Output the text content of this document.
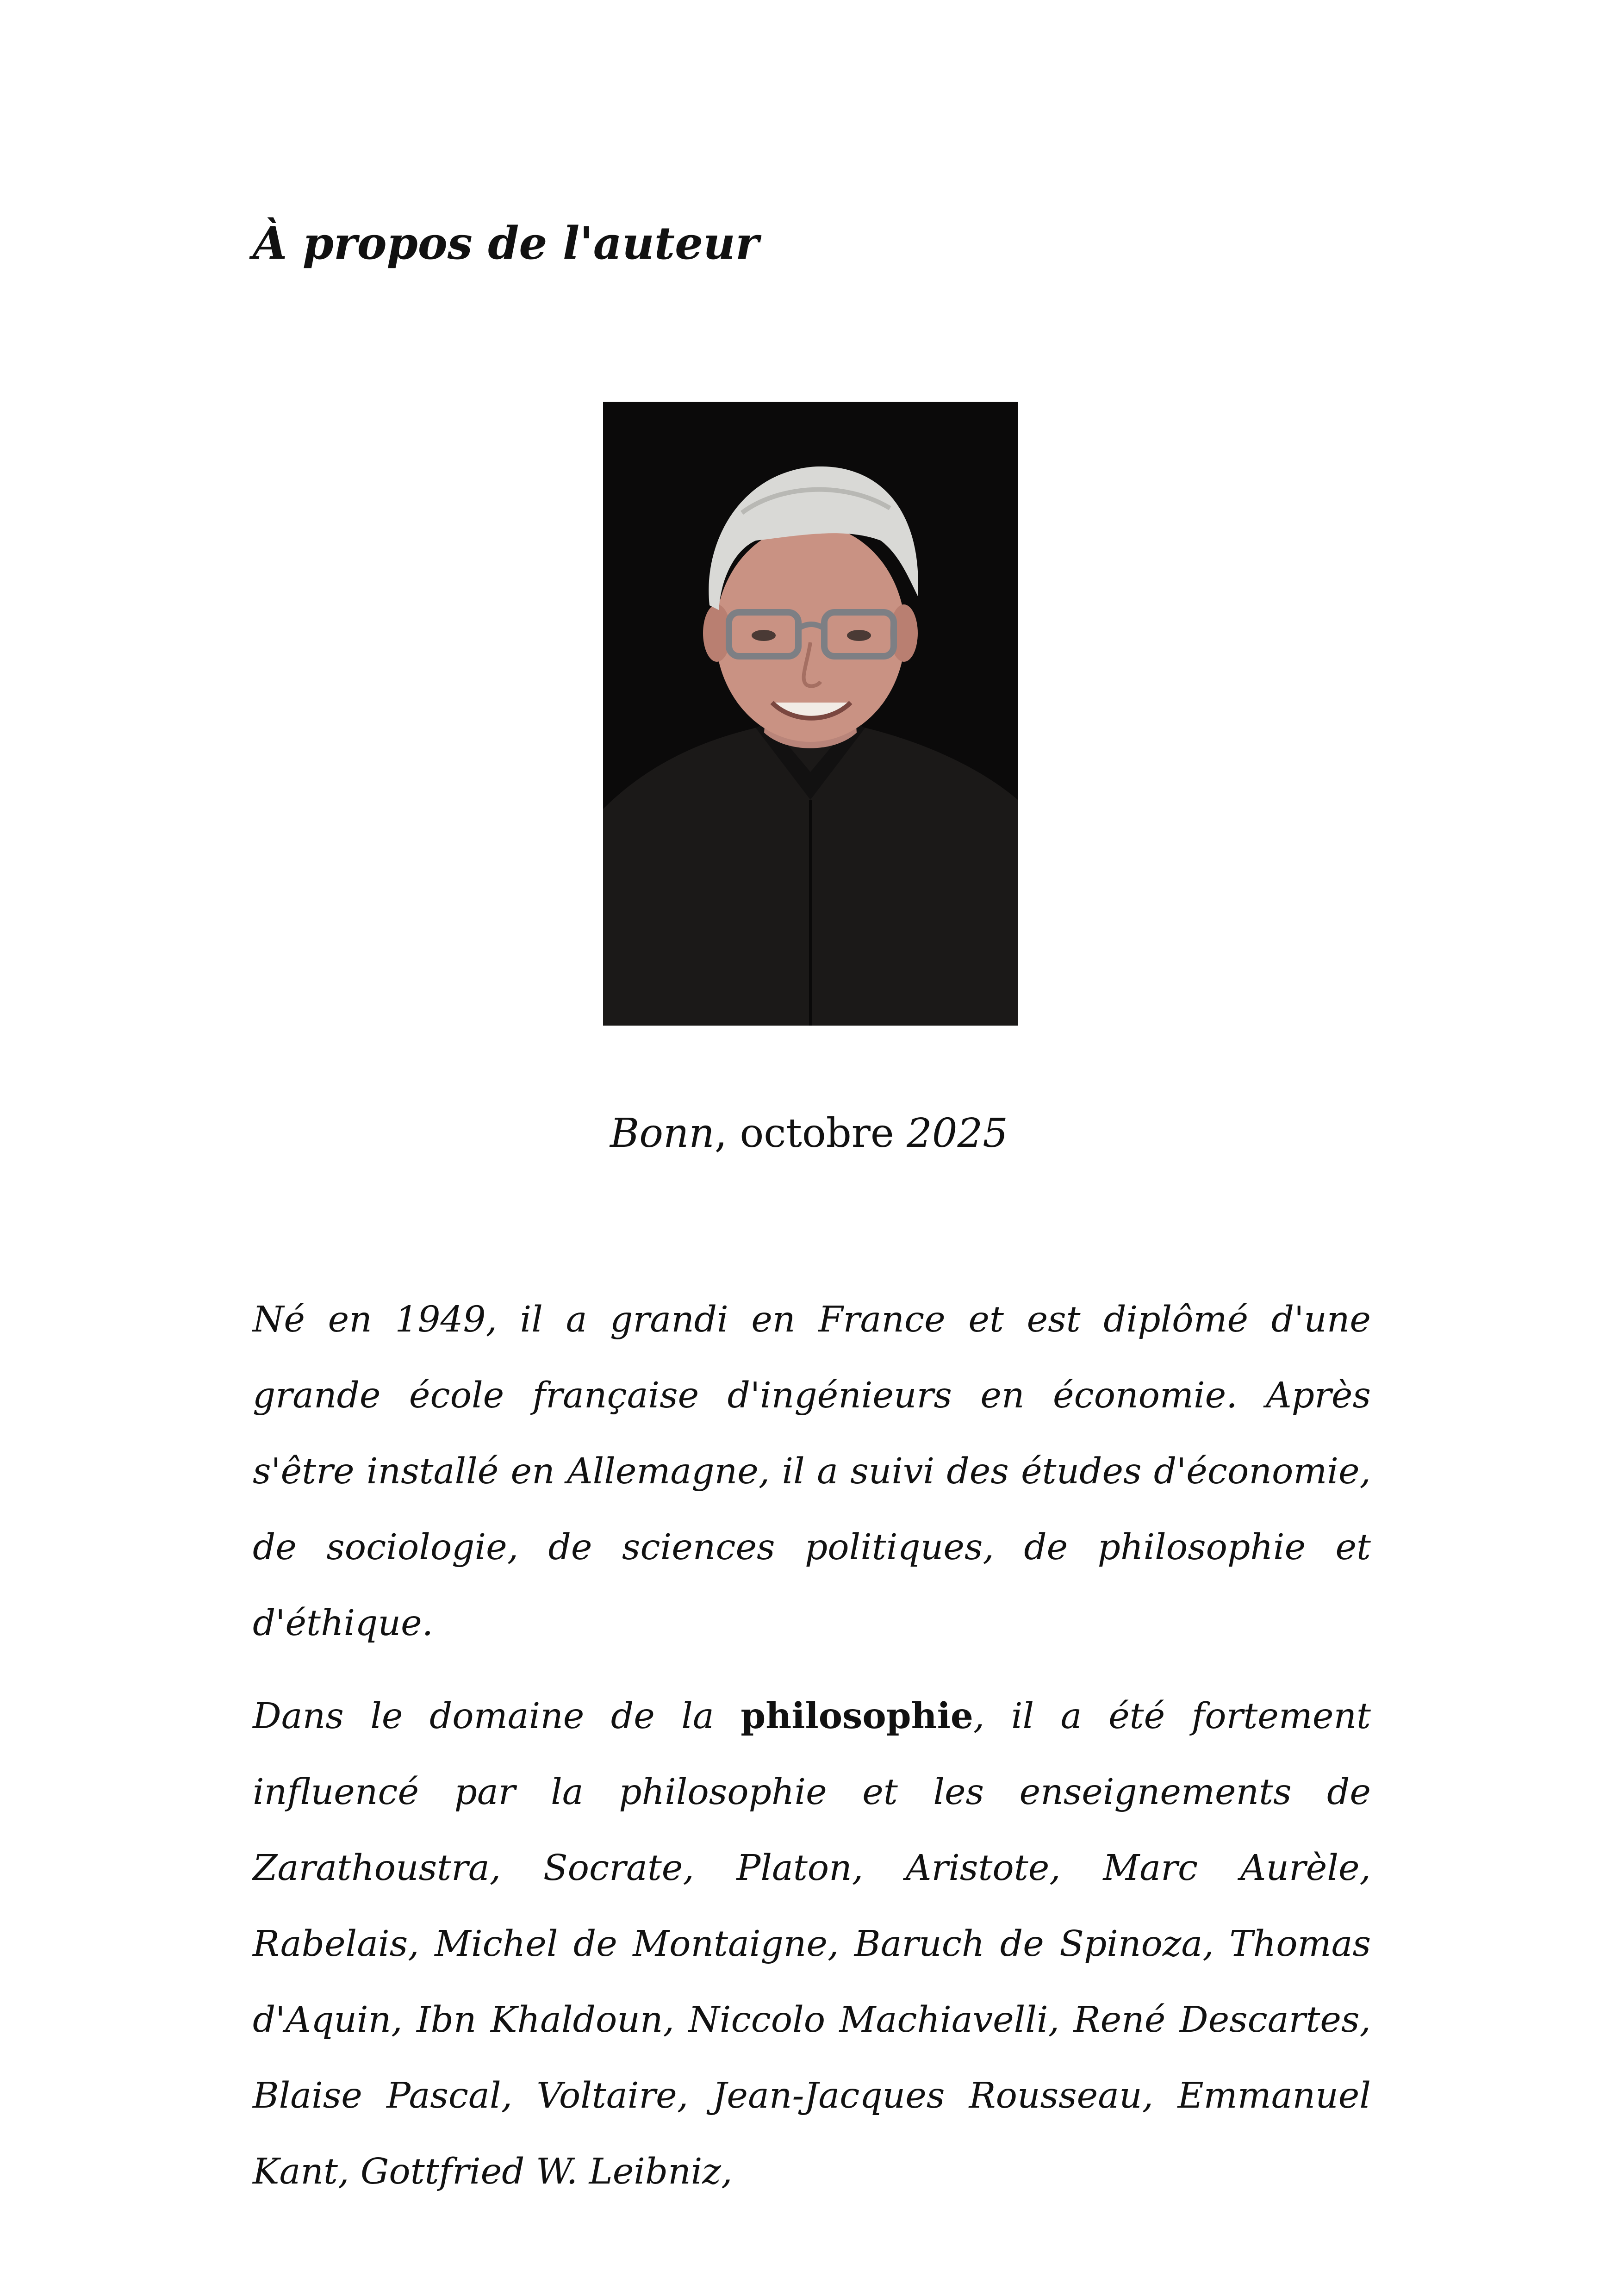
À propos de l'auteur
Bonn, octobre 2025

Né en 1949, il a grandi en France et est diplômé d'une grande école française d'ingénieurs en économie. Après s'être installé en Allemagne, il a suivi des études d'économie, de sociologie, de sciences politiques, de philosophie et d'éthique.

Dans le domaine de la philosophie, il a été fortement influencé par la philosophie et les enseignements de Zarathoustra, Socrate, Platon, Aristote, Marc Aurèle, Rabelais, Michel de Montaigne, Baruch de Spinoza, Thomas d'Aquin, Ibn Khaldoun, Niccolo Machiavelli, René Descartes, Blaise Pascal, Voltaire, Jean-Jacques Rousseau, Emmanuel Kant, Gottfried W. Leibniz,
